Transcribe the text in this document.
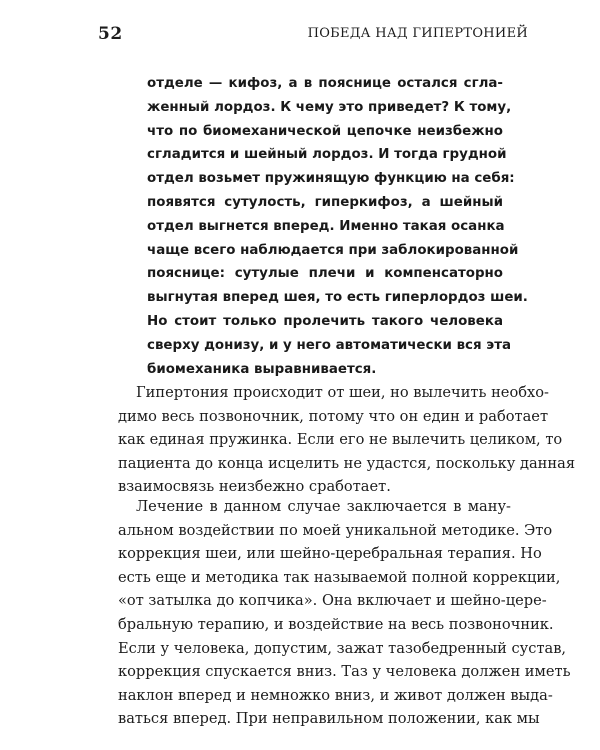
52	ПОБЕДА НАД ГИПЕРТОНИЕЙ
отделе — кифоз, а в пояснице остался сгла-
женный лордоз. К чему это приведет? К тому,
что по биомеханической цепочке неизбежно
сгладится и шейный лордоз. И тогда грудной
отдел возьмет пружинящую функцию на себя:
появятся сутулость, гиперкифоз, а шейный
отдел выгнется вперед. Именно такая осанка
чаще всего наблюдается при заблокированной
пояснице: сутулые плечи и компенсаторно
выгнутая вперед шея, то есть гиперлордоз шеи.
Но стоит только пролечить такого человека
сверху донизу, и у него автоматически вся эта
биомеханика выравнивается.
Гипертония происходит от шеи, но вылечить необхо-
димо весь позвоночник, потому что он един и работает
как единая пружинка. Если его не вылечить целиком, то
пациента до конца исцелить не удастся, поскольку данная
взаимосвязь неизбежно сработает.
Лечение в данном случае заключается в ману-
альном воздействии по моей уникальной методике. Это
коррекция шеи, или шейно-церебральная терапия. Но
есть еще и методика так называемой полной коррекции,
«от затылка до копчика». Она включает и шейно-цере-
бральную терапию, и воздействие на весь позвоночник.
Если у человека, допустим, зажат тазобедренный сустав,
коррекция спускается вниз. Таз у человека должен иметь
наклон вперед и немножко вниз, и живот должен выда-
ваться вперед. При неправильном положении, как мы
